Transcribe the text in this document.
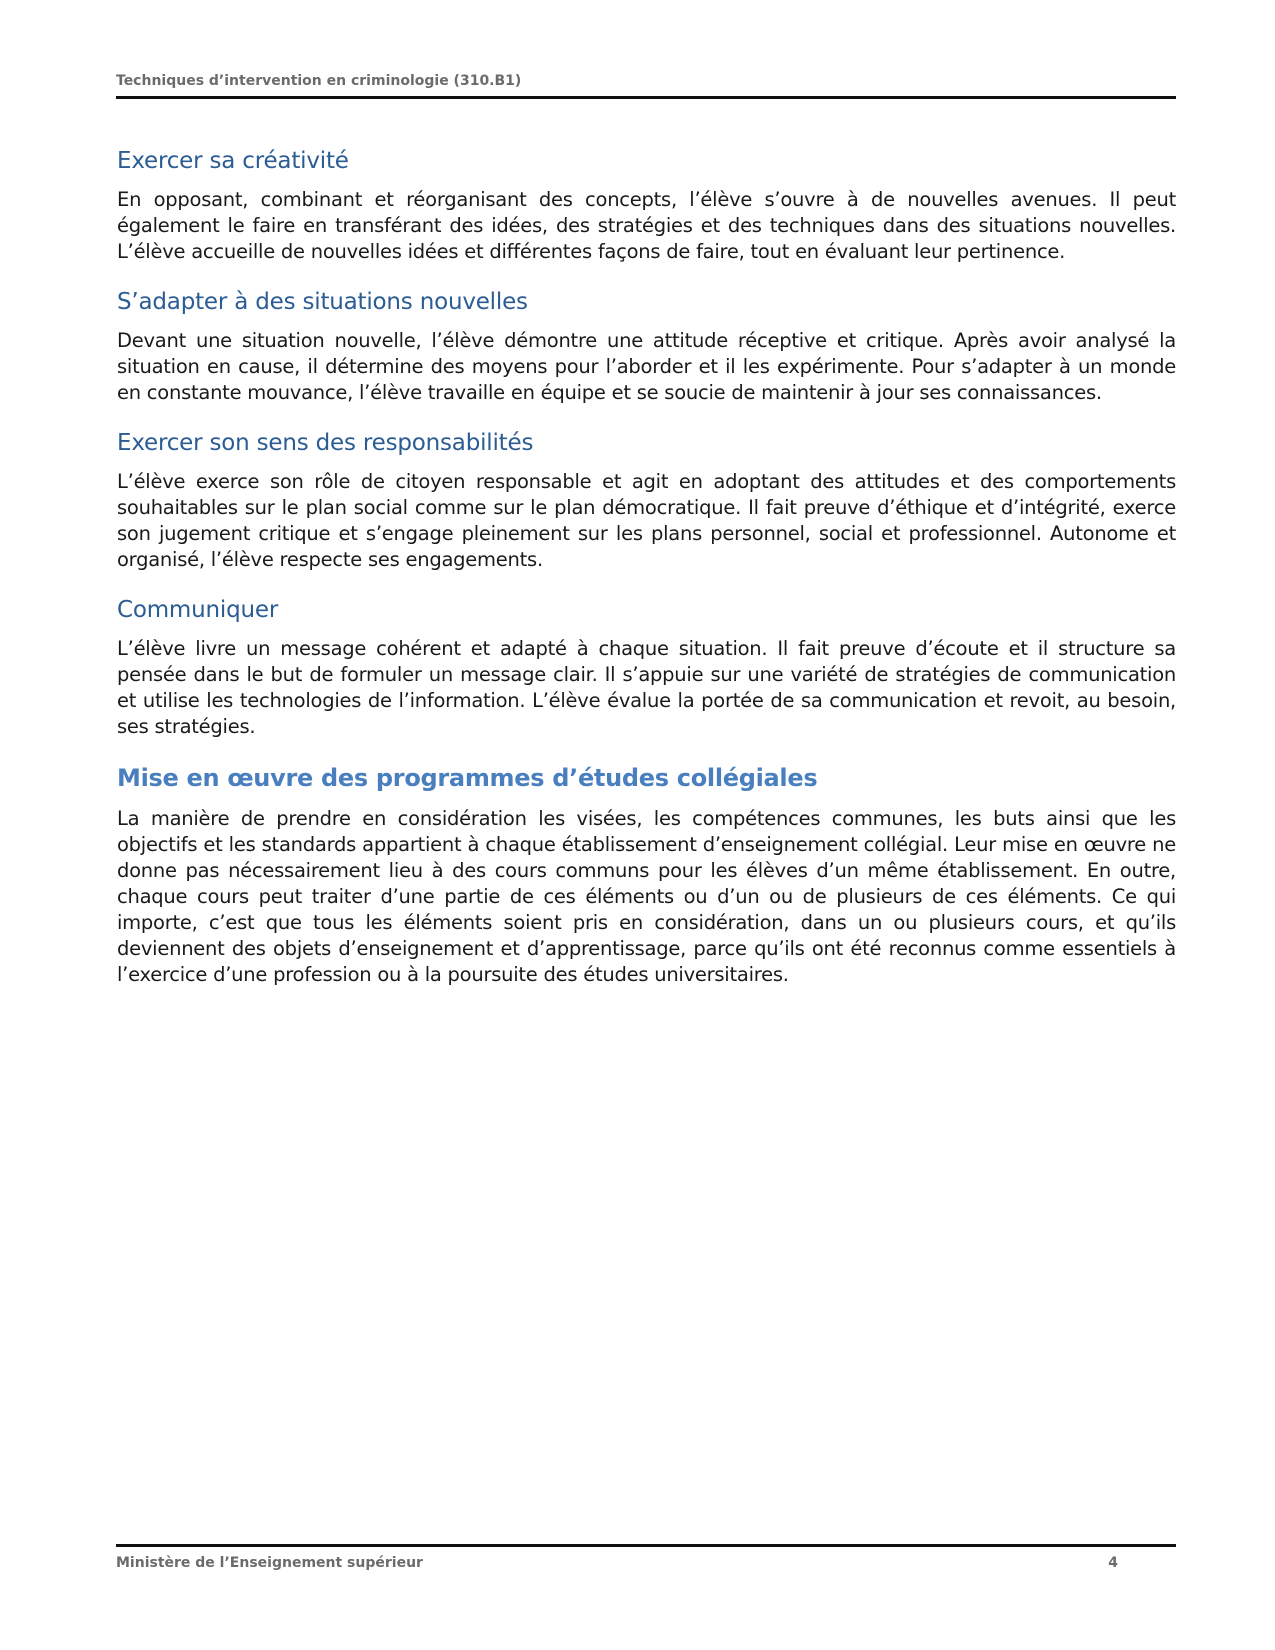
Techniques d’intervention en criminologie (310.B1)
Exercer sa créativité

En opposant, combinant et réorganisant des concepts, l’élève s’ouvre à de nouvelles avenues. Il peut également le faire en transférant des idées, des stratégies et des techniques dans des situations nouvelles. L’élève accueille de nouvelles idées et différentes façons de faire, tout en évaluant leur pertinence.

S’adapter à des situations nouvelles

Devant une situation nouvelle, l’élève démontre une attitude réceptive et critique. Après avoir analysé la situation en cause, il détermine des moyens pour l’aborder et il les expérimente. Pour s’adapter à un monde en constante mouvance, l’élève travaille en équipe et se soucie de maintenir à jour ses connaissances.

Exercer son sens des responsabilités

L’élève exerce son rôle de citoyen responsable et agit en adoptant des attitudes et des comportements souhaitables sur le plan social comme sur le plan démocratique. Il fait preuve d’éthique et d’intégrité, exerce son jugement critique et s’engage pleinement sur les plans personnel, social et professionnel. Autonome et organisé, l’élève respecte ses engagements.

Communiquer

L’élève livre un message cohérent et adapté à chaque situation. Il fait preuve d’écoute et il structure sa pensée dans le but de formuler un message clair. Il s’appuie sur une variété de stratégies de communication et utilise les technologies de l’information. L’élève évalue la portée de sa communication et revoit, au besoin, ses stratégies.

Mise en œuvre des programmes d’études collégiales

La manière de prendre en considération les visées, les compétences communes, les buts ainsi que les objectifs et les standards appartient à chaque établissement d’enseignement collégial. Leur mise en œuvre ne donne pas nécessairement lieu à des cours communs pour les élèves d’un même établissement. En outre, chaque cours peut traiter d’une partie de ces éléments ou d’un ou de plusieurs de ces éléments. Ce qui importe, c’est que tous les éléments soient pris en considération, dans un ou plusieurs cours, et qu’ils deviennent des objets d’enseignement et d’apprentissage, parce qu’ils ont été reconnus comme essentiels à l’exercice d’une profession ou à la poursuite des études universitaires.

Ministère de l’Enseignement supérieur	4
